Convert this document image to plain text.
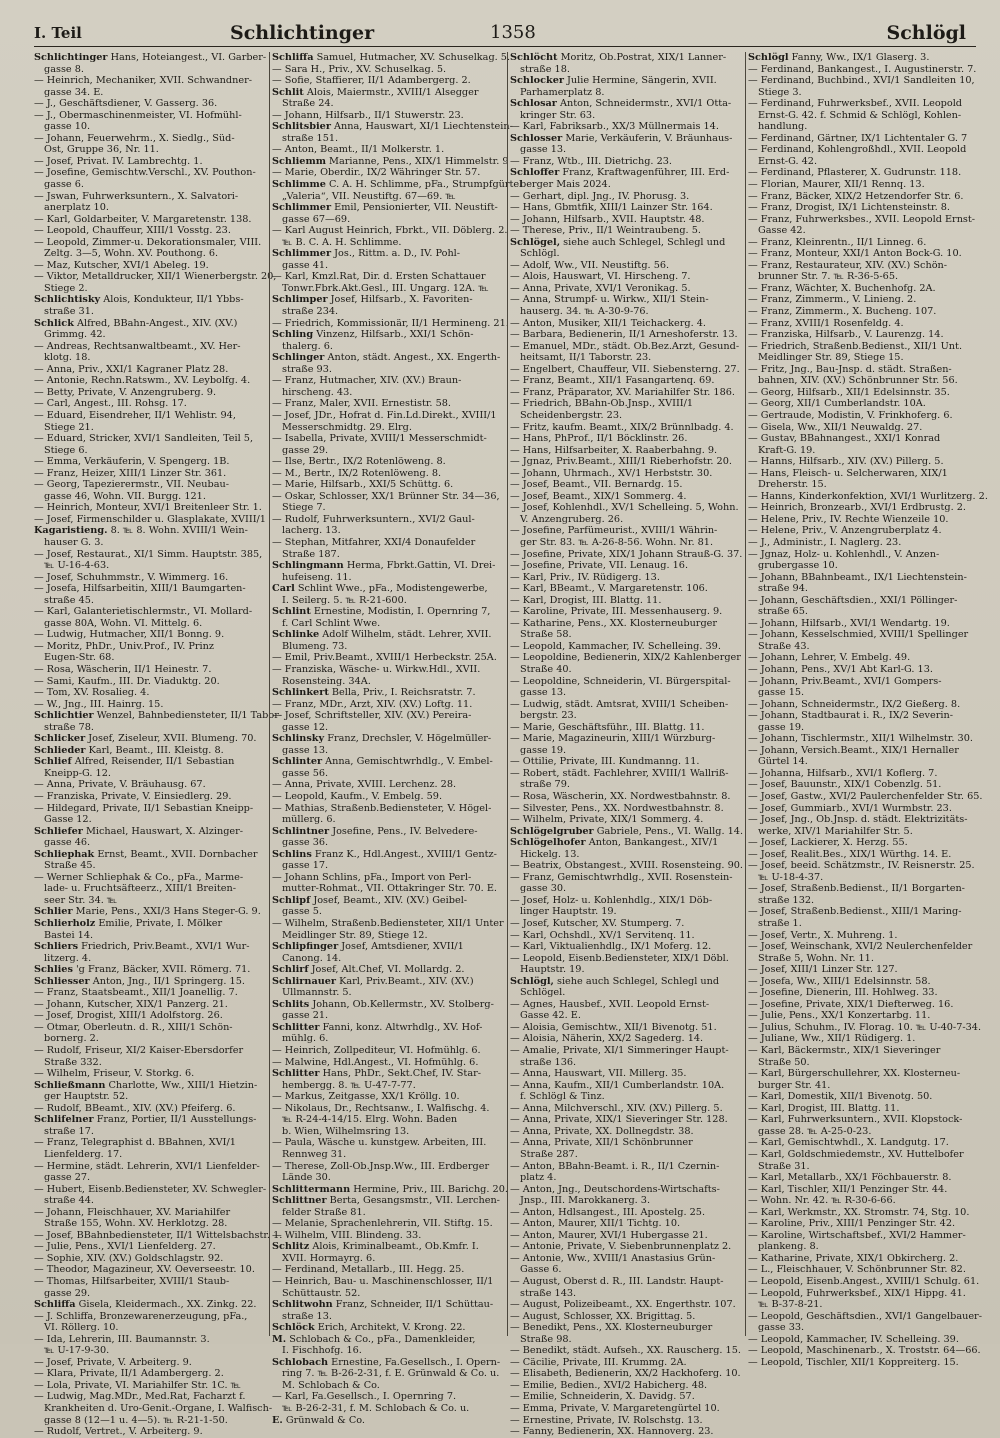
I. Teil	Schlichtinger	1358	Schlögl
Schlichtinger Hans, Hoteiangest., VI. Garber-
gasse 8.
— Heinrich, Mechaniker, XVII. Schwandner-
gasse 34. E.
— J., Geschäftsdiener, V. Gasserg. 36.
— J., Obermaschinenmeister, VI. Hofmühl-
gasse 10.
— Johann, Feuerwehrm., X. Siedlg., Süd-
Ost, Gruppe 36, Nr. 11.
— Josef, Privat. IV. Lambrechtg. 1.
— Josefine, Gemischtw.Verschl., XV. Pouthon-
gasse 6.
— Jswan, Fuhrwerksuntern., X. Salvatori-
anerplatz 10.
— Karl, Goldarbeiter, V. Margaretenstr. 138.
— Leopold, Chauffeur, XIII/1 Vosstg. 23.
— Leopold, Zimmer-u. Dekorationsmaler, VIII.
Zeltg. 3—5, Wohn. XV. Pouthong. 6.
— Maz, Kutscher, XVI/1 Abeleg. 19.
— Viktor, Metalldrucker, XII/1 Wienerbergstr. 20,
Stiege 2.
Schlichtisky Alois, Kondukteur, II/1 Ybbs-
straße 31.
Schlick Alfred, BBahn-Angest., XIV. (XV.)
Grimmg. 42.
— Andreas, Rechtsanwaltbeamt., XV. Her-
klotg. 18.
— Anna, Priv., XXI/1 Kagraner Platz 28.
— Antonie, Rechn.Ratswm., XV. Leybolfg. 4.
— Betty, Private, V. Anzengruberg. 9.
— Carl, Angest., III. Rohsg. 17.
— Eduard, Eisendreher, II/1 Wehlistr. 94,
Stiege 21.
— Eduard, Stricker, XVI/1 Sandleiten, Teil 5,
Stiege 6.
— Emma, Verkäuferin, V. Spengerg. 1B.
— Franz, Heizer, XIII/1 Linzer Str. 361.
— Georg, Tapezierermstr., VII. Neubau-
gasse 46, Wohn. VII. Burgg. 121.
— Heinrich, Monteur, XVI/1 Breitenleer Str. 1.
— Josef, Firmenschilder u. Glasplakate, XVIII/1
Kagaristieng. 8. ℡ 8. Wohn. XVIII/1 Wein-
hauser G. 3.
— Josef, Restaurat., XI/1 Simm. Hauptstr. 385,
℡ U-16-4-63.
— Josef, Schuhmmstr., V. Wimmerg. 16.
— Josefa, Hilfsarbeitin, XIII/1 Baumgarten-
straße 45.
— Karl, Galanterietischlermstr., VI. Mollard-
gasse 80A, Wohn. VI. Mittelg. 6.
— Ludwig, Hutmacher, XII/1 Bonng. 9.
— Moritz, PhDr., Univ.Prof., IV. Prinz
Eugen-Str. 68.
— Rosa, Wäscherin, II/1 Heinestr. 7.
— Sami, Kaufm., III. Dr. Viaduktg. 20.
— Tom, XV. Rosalieg. 4.
— W., Jng., III. Hainrg. 15.
Schlichtier Wenzel, Bahnbediensteter, II/1 Tabor-
straße 78.
Schlicker Josef, Ziseleur, XVII. Blumeng. 70.
Schlieder Karl, Beamt., III. Kleistg. 8.
Schlief Alfred, Reisender, II/1 Sebastian
Kneipp-G. 12.
— Anna, Private, V. Bräuhausg. 67.
— Franziska, Private, V. Einsiedlerg. 29.
— Hildegard, Private, II/1 Sebastian Kneipp-
Gasse 12.
Schliefer Michael, Hauswart, X. Alzinger-
gasse 46.
Schliephak Ernst, Beamt., XVII. Dornbacher
Straße 45.
— Werner Schliephak & Co., pFa., Marme-
lade- u. Fruchtsäfteerz., XIII/1 Breiten-
seer Str. 34. ℡
Schlier Marie, Pens., XXI/3 Hans Steger-G. 9.
Schlierholz Emilie, Private, I. Mölker
Bastei 14.
Schliers Friedrich, Priv.Beamt., XVI/1 Wur-
litzerg. 4.
Schlies 'g Franz, Bäcker, XVII. Römerg. 71.
Schliesser Anton, Jng., II/1 Springerg. 15.
— Franz, Staatsbeamt., XII/1 Joanellig. 7.
— Johann, Kutscher, XIX/1 Panzerg. 21.
— Josef, Drogist, XIII/1 Adolfstorg. 26.
— Otmar, Oberleutn. d. R., XIII/1 Schön-
bornerg. 2.
— Rudolf, Friseur, XI/2 Kaiser-Ebersdorfer
Straße 332.
— Wilhelm, Friseur, V. Storkg. 6.
Schließmann Charlotte, Ww., XIII/1 Hietzin-
ger Hauptstr. 52.
— Rudolf, BBeamt., XIV. (XV.) Pfeiferg. 6.
Schlifelner Franz, Portier, II/1 Ausstellungs-
straße 17.
— Franz, Telegraphist d. BBahnen, XVI/1
Lienfelderg. 17.
— Hermine, städt. Lehrerin, XVI/1 Lienfelder-
gasse 27.
— Hubert, Eisenb.Bediensteter, XV. Schwegler-
straße 44.
— Johann, Fleischhauer, XV. Mariahilfer
Straße 155, Wohn. XV. Herklotzg. 28.
— Josef, BBahnbediensteter, II/1 Wittelsbachstr. 1.
— Julie, Pens., XVI/1 Lienfelderg. 27.
— Sophie, XIV. (XV.) Goldschlagstr. 92.
— Theodor, Magazineur, XV. Oeverseestr. 10.
— Thomas, Hilfsarbeiter, XVIII/1 Staub-
gasse 29.
Schliffa Gisela, Kleidermach., XX. Zinkg. 22.
— J. Schliffa, Bronzewarenerzeugung, pFa.,
VI. Röllerg. 10.
— Ida, Lehrerin, III. Baumannstr. 3.
℡ U-17-9-30.
— Josef, Private, V. Arbeiterg. 9.
— Klara, Private, II/1 Adambergerg. 2.
— Lola, Private, VI. Mariahilfer Str. 1C. ℡
— Ludwig, Mag.MDr., Med.Rat, Facharzt f.
Krankheiten d. Uro-Genit.-Organe, I. Walfisch-
gasse 8 (12—1 u. 4—5). ℡ R-21-1-50.
— Rudolf, Vertret., V. Arbeiterg. 9.
Schliffa Samuel, Hutmacher, XV. Schuselkag. 5.
— Sara H., Priv., XV. Schuselkag. 5.
— Sofie, Staffierer, II/1 Adambergerg. 2.
Schlit Alois, Maiermstr., XVIII/1 Alsegger
Straße 24.
— Johann, Hilfsarb., II/1 Stuwerstr. 23.
Schlitsbier Anna, Hauswart, XI/1 Liechtenstein-
straße 151.
— Anton, Beamt., II/1 Molkerstr. 1.
Schliemm Marianne, Pens., XIX/1 Himmelstr. 9
— Marie, Oberdir., IX/2 Währinger Str. 57.
Schlimme C. A. H. Schlimme, pFa., Strumpfgürtel
„Valeria“, VII. Neustiftg. 67—69. ℡
Schlimmer Emil, Pensionierter, VII. Neustift-
gasse 67—69.
— Karl August Heinrich, Fbrkt., VII. Döblerg. 2.
℡ B. C. A. H. Schlimme.
Schlimmer Jos., Rittm. a. D., IV. Pohl-
gasse 41.
— Karl, Kmzl.Rat, Dir. d. Ersten Schattauer
Tonwr.Fbrk.Akt.Gesl., III. Ungarg. 12A. ℡
Schlimper Josef, Hilfsarb., X. Favoriten-
straße 234.
— Friedrich, Kommissionär, II/1 Hermineng. 21.
Schling Vinzenz, Hilfsarb., XXI/1 Schön-
thalerg. 6.
Schlinger Anton, städt. Angest., XX. Engerth-
straße 93.
— Franz, Hutmacher, XIV. (XV.) Braun-
hirscheng. 43.
— Franz, Maler, XVII. Ernestistr. 58.
— Josef, JDr., Hofrat d. Fin.Ld.Direkt., XVIII/1
Messerschmidtg. 29. Elrg.
— Isabella, Private, XVIII/1 Messerschmidt-
gasse 29.
— Ilse, Bertr., IX/2 Rotenlöweng. 8.
— M., Bertr., IX/2 Rotenlöweng. 8.
— Marie, Hilfsarb., XXI/5 Schüttg. 6.
— Oskar, Schlosser, XX/1 Brünner Str. 34—36,
Stiege 7.
— Rudolf, Fuhrwerksuntern., XVI/2 Gaul-
lacherg. 13.
— Stephan, Mitfahrer, XXI/4 Donaufelder
Straße 187.
Schlingmann Herma, Fbrkt.Gattin, VI. Drei-
hufeiseng. 11.
Carl Schlint Wwe., pFa., Modistengewerbe,
I. Seilerg. 5. ℡ R-21-600.
Schlint Ernestine, Modistin, I. Opernring 7,
f. Carl Schlint Wwe.
Schlinke Adolf Wilhelm, städt. Lehrer, XVII.
Blumeng. 73.
— Emil, Priv.Beamt., XVIII/1 Herbeckstr. 25A.
— Franziska, Wäsche- u. Wirkw.Hdl., XVII.
Rosensteing. 34A.
Schlinkert Bella, Priv., I. Reichsratstr. 7.
— Franz, MDr., Arzt, XIV. (XV.) Loftg. 11.
— Josef, Schriftsteller, XIV. (XV.) Pereira-
gasse 12.
Schlinsky Franz, Drechsler, V. Högelmüller-
gasse 13.
Schlinter Anna, Gemischtwrhdlg., V. Embel-
gasse 56.
— Anna, Private, XVIII. Lerchenz. 28.
— Leopold, Kaufm., V. Embelg. 59.
— Mathias, Straßenb.Bediensteter, V. Högel-
müllerg. 6.
Schlintner Josefine, Pens., IV. Belvedere-
gasse 36.
Schlins Franz K., Hdl.Angest., XVIII/1 Gentz-
gasse 17.
— Johann Schlins, pFa., Import von Perl-
mutter-Rohmat., VII. Ottakringer Str. 70. E.
Schlipf Josef, Beamt., XIV. (XV.) Geibel-
gasse 5.
— Wilhelm, Straßenb.Bediensteter, XII/1 Unter
Meidlinger Str. 89, Stiege 12.
Schlipfinger Josef, Amtsdiener, XVII/1
Canong. 14.
Schlirf Josef, Alt.Chef, VI. Mollardg. 2.
Schlirnauer Karl, Priv.Beamt., XIV. (XV.)
Ullmannstr. 5.
Schlits Johann, Ob.Kellermstr., XV. Stolberg-
gasse 21.
Schlitter Fanni, konz. Altwrhdlg., XV. Hof-
mühlg. 6.
— Heinrich, Zollpediteur, VI. Hofmühlg. 6.
— Malwine, Hdl.Angest., VI. Hofmühlg. 6.
Schlitter Hans, PhDr., Sekt.Chef, IV. Star-
hembergg. 8. ℡ U-47-7-77.
— Markus, Zeitgasse, XX/1 Kröllg. 10.
— Nikolaus, Dr., Rechtsanw., I. Walfischg. 4.
℡ R-24-4-14/15. Elrg. Wohn. Baden
b. Wien, Wilhelmsring 13.
— Paula, Wäsche u. kunstgew. Arbeiten, III.
Rennweg 31.
— Therese, Zoll-Ob.Jnsp.Ww., III. Erdberger
Lände 30.
Schlittermann Hermine, Priv., III. Barichg. 20.
Schlittner Berta, Gesangsmstr., VII. Lerchen-
felder Straße 81.
— Melanie, Sprachenlehrerin, VII. Stiftg. 15.
— Wilhelm, VIII. Blindeng. 33.
Schlitz Alois, Kriminalbeamt., Ob.Kmfr. I.
XVII. Hormayrg. 6.
— Ferdinand, Metallarb., III. Hegg. 25.
— Heinrich, Bau- u. Maschinenschlosser, II/1
Schüttaustr. 52.
Schlitwohn Franz, Schneider, II/1 Schüttau-
straße 13.
Schlöck Erich, Architekt, V. Krong. 22.
M. Schlobach & Co., pFa., Damenkleider,
I. Fischhofg. 16.
Schlobach Ernestine, Fa.Gesellsch., I. Opern-
ring 7. ℡ B-26-2-31, f. E. Grünwald & Co. u.
M. Schlobach & Co.
— Karl, Fa.Gesellsch., I. Opernring 7.
℡ B-26-2-31, f. M. Schlobach & Co. u.
E. Grünwald & Co.
Schlöcht Moritz, Ob.Postrat, XIX/1 Lanner-
straße 18.
Schlocker Julie Hermine, Sängerin, XVII.
Parhamerplatz 8.
Schlosar Anton, Schneidermstr., XVI/1 Otta-
kringer Str. 63.
— Karl, Fabriksarb., XX/3 Müllnermais 14.
Schlosser Marie, Verkäuferin, V. Bräunhaus-
gasse 13.
— Franz, Wtb., III. Dietrichg. 23.
Schloffer Franz, Kraftwagenführer, III. Erd-
berger Mais 2024.
— Gerhart, dipl. Jng., IV. Phorusg. 3.
— Hans, Gbmtfik, XIII/1 Lainzer Str. 164.
— Johann, Hilfsarb., XVII. Hauptstr. 48.
— Therese, Priv., II/1 Weintraubeng. 5.
Schlögel, siehe auch Schlegel, Schlegl und
Schlögl.
— Adolf, Ww., VII. Neustiftg. 56.
— Alois, Hauswart, VI. Hirscheng. 7.
— Anna, Private, XVI/1 Veronikag. 5.
— Anna, Strumpf- u. Wirkw., XII/1 Stein-
hauserg. 34. ℡ A-30-9-76.
— Anton, Musiker, XII/1 Teichackerg. 4.
— Barbara, Bedienerin, II/1 Arneshoferstr. 13.
— Emanuel, MDr., städt. Ob.Bez.Arzt, Gesund-
heitsamt, II/1 Taborstr. 23.
— Engelbert, Chauffeur, VII. Siebensterng. 27.
— Franz, Beamt., XII/1 Fasangartenq. 69.
— Franz, Präparator, XV. Mariahilfer Str. 186.
— Friedrich, BBahn-Ob.Jnsp., XVIII/1
Scheidenbergstr. 23.
— Fritz, kaufm. Beamt., XIX/2 Brünnlbadg. 4.
— Hans, PhProf., II/1 Böcklinstr. 26.
— Hans, Hilfsarbeiter, X. Raaberbahng. 9.
— Jgnaz, Priv.Beamt., XIII/1 Rieberhofstr. 20.
— Johann, Uhrmach., XV/1 Herbststr. 30.
— Josef, Beamt., VII. Bernardg. 15.
— Josef, Beamt., XIX/1 Sommerg. 4.
— Josef, Kohlenhdl., XV/1 Schelleing. 5, Wohn.
V. Anzengruberg. 26.
— Josefine, Parfümeurist., XVIII/1 Währin-
ger Str. 83. ℡ A-26-8-56. Wohn. Nr. 81.
— Josefine, Private, XIX/1 Johann Strauß-G. 37.
— Josefine, Private, VII. Lenaug. 16.
— Karl, Priv., IV. Rüdigerg. 13.
— Karl, BBeamt., V. Margaretenstr. 106.
— Karl, Drogist, III. Blattg. 11.
— Karoline, Private, III. Messenhauserg. 9.
— Katharine, Pens., XX. Klosterneuburger
Straße 58.
— Leopold, Kammacher, IV. Schelleing. 39.
— Leopoldine, Bedienerin, XIX/2 Kahlenberger
Straße 40.
— Leopoldine, Schneiderin, VI. Bürgerspital-
gasse 13.
— Ludwig, städt. Amtsrat, XVIII/1 Scheiben-
bergstr. 23.
— Marie, Geschäftsführ., III. Blattg. 11.
— Marie, Magazineurin, XIII/1 Würzburg-
gasse 19.
— Ottilie, Private, III. Kundmanng. 11.
— Robert, städt. Fachlehrer, XVIII/1 Wallriß-
straße 79.
— Rosa, Wäscherin, XX. Nordwestbahnstr. 8.
— Silvester, Pens., XX. Nordwestbahnstr. 8.
— Wilhelm, Private, XIX/1 Sommerg. 4.
Schlögelgruber Gabriele, Pens., VI. Wallg. 14.
Schlögelhofer Anton, Bankangest., XIV/1
Hickelg. 13.
— Beatrix, Obstangest., XVIII. Rosensteing. 90.
— Franz, Gemischtwrhdlg., XVII. Rosenstein-
gasse 30.
— Josef, Holz- u. Kohlenhdlg., XIX/1 Döb-
linger Hauptstr. 19.
— Josef, Kutscher, XV. Stumperg. 7.
— Karl, Ochshdl., XV/1 Servitenq. 11.
— Karl, Viktualienhdlg., IX/1 Moferg. 12.
— Leopold, Eisenb.Bediensteter, XIX/1 Döbl.
Hauptstr. 19.
Schlögl, siehe auch Schlegel, Schlegl und
Schlögel.
— Agnes, Hausbef., XVII. Leopold Ernst-
Gasse 42. E.
— Aloisia, Gemischtw., XII/1 Bivenotg. 51.
— Aloisia, Näherin, XX/2 Sagederg. 14.
— Amalie, Private, XI/1 Simmeringer Haupt-
straße 136.
— Anna, Hauswart, VII. Millerg. 35.
— Anna, Kaufm., XII/1 Cumberlandstr. 10A.
f. Schlögl & Tinz.
— Anna, Milchverschl., XIV. (XV.) Pillerg. 5.
— Anna, Private, XIX/1 Sieveringer Str. 128.
— Anna, Private, XX. Dollnegdstr. 38.
— Anna, Private, XII/1 Schönbrunner
Straße 287.
— Anton, BBahn-Beamt. i. R., II/1 Czernin-
platz 4.
— Anton, Jng., Deutschordens-Wirtschafts-
Jnsp., III. Marokkanerg. 3.
— Anton, Hdlsangest., III. Apostelg. 25.
— Anton, Maurer, XII/1 Tichtg. 10.
— Anton, Maurer, XVI/1 Hubergasse 21.
— Antonie, Private, V. Siebenbrunnenplatz 2.
— Antonie, Ww., XVIII/1 Anastasius Grün-
Gasse 6.
— August, Oberst d. R., III. Landstr. Haupt-
straße 143.
— August, Polizeibeamt., XX. Engerthstr. 107.
— August, Schlosser, XX. Brigittag. 5.
— Benedikt, Pens., XX. Klosterneuburger
Straße 98.
— Benedikt, städt. Aufseh., XX. Rauscherg. 15.
— Cäcilie, Private, III. Krummg. 2A.
— Elisabeth, Bedienerin, XX/2 Hackhoferg. 10.
— Emilie, Bedien., XVI/2 Habicherg. 48.
— Emilie, Schneiderin, X. Davidg. 57.
— Emma, Private, V. Margaretengürtel 10.
— Ernestine, Private, IV. Rolschstg. 13.
— Fanny, Bedienerin, XX. Hannoverg. 23.
Schlögl Fanny, Ww., IX/1 Glaserg. 3.
— Ferdinand, Bankangest., I. Augustinerstr. 7.
— Ferdinand, Buchbind., XVI/1 Sandleiten 10,
Stiege 3.
— Ferdinand, Fuhrwerksbef., XVII. Leopold
Ernst-G. 42. f. Schmid & Schlögl, Kohlen-
handlung.
— Ferdinand, Gärtner, IX/1 Lichtentaler G. 7
— Ferdinand, Kohlengroßhdl., XVII. Leopold
Ernst-G. 42.
— Ferdinand, Pflasterer, X. Gudrunstr. 118.
— Florian, Maurer, XII/1 Rennq. 13.
— Franz, Bäcker, XIX/2 Hetzendorfer Str. 6.
— Franz, Drogist, IX/1 Lichtensteinstr. 8.
— Franz, Fuhrwerksbes., XVII. Leopold Ernst-
Gasse 42.
— Franz, Kleinrentn., II/1 Linneg. 6.
— Franz, Monteur, XXI/1 Anton Bock-G. 10.
— Franz, Restaurateur, XIV. (XV.) Schön-
brunner Str. 7. ℡ R-36-5-65.
— Franz, Wächter, X. Buchenhofg. 2A.
— Franz, Zimmerm., V. Linieng. 2.
— Franz, Zimmerm., X. Bucheng. 107.
— Franz, XVIII/1 Rosenfeldg. 4.
— Franziska, Hilfsarb., V. Laurenzg. 14.
— Friedrich, Straßenb.Bedienst., XII/1 Unt.
Meidlinger Str. 89, Stiege 15.
— Fritz, Jng., Bau-Jnsp. d. städt. Straßen-
bahnen, XIV. (XV.) Schönbrunner Str. 56.
— Georg, Hilfsarb., XII/1 Edelsinnstr. 35.
— Georg, XII/1 Cumberlandstr. 10A.
— Gertraude, Modistin, V. Frinkhoferg. 6.
— Gisela, Ww., XII/1 Neuwaldg. 27.
— Gustav, BBahnangest., XXI/1 Konrad
Kraft-G. 19.
— Hanns, Hilfsarb., XIV. (XV.) Pillerg. 5.
— Hans, Fleisch- u. Selcherwaren, XIX/1
Dreherstr. 15.
— Hanns, Kinderkonfektion, XVI/1 Wurlitzerg. 2.
— Heinrich, Bronzearb., XVI/1 Erdbrustg. 2.
— Helene, Priv., IV. Rechte Wienzeile 10.
— Helene, Priv., V. Anzengruberplatz 4.
— J., Administr., I. Naglerg. 23.
— Jgnaz, Holz- u. Kohlenhdl., V. Anzen-
grubergasse 10.
— Johann, BBahnbeamt., IX/1 Liechtenstein-
straße 94.
— Johann, Geschäftsdien., XXI/1 Pöllinger-
straße 65.
— Johann, Hilfsarb., XVI/1 Wendartg. 19.
— Johann, Kesselschmied, XVIII/1 Spellinger
Straße 43.
— Johann, Lehrer, V. Embelg. 49.
— Johann, Pens., XV/1 Abt Karl-G. 13.
— Johann, Priv.Beamt., XVI/1 Gompers-
gasse 15.
— Johann, Schneidermstr., IX/2 Gießerg. 8.
— Johann, Stadtbaurat i. R., IX/2 Severin-
gasse 19.
— Johann, Tischlermstr., XII/1 Wilhelmstr. 30.
— Johann, Versich.Beamt., XIX/1 Hernaller
Gürtel 14.
— Johanna, Hilfsarb., XVI/1 Koflerg. 7.
— Josef, Bauunstr., XIX/1 Cobenzlg. 51.
— Josef, Gastw., XVI/2 Paulerchenfelder Str. 65.
— Josef, Gummiarb., XVI/1 Wurmbstr. 23.
— Josef, Jng., Ob.Jnsp. d. städt. Elektrizitäts-
werke, XIV/1 Mariahilfer Str. 5.
— Josef, Lackierer, X. Herzg. 55.
— Josef, Realit.Bes., XIX/1 Würthg. 14. E.
— Josef, beeid. Schätzmstr., IV. Reisnerstr. 25.
℡ U-18-4-37.
— Josef, Straßenb.Bedienst., II/1 Borgarten-
straße 132.
— Josef, Straßenb.Bedienst., XIII/1 Maring-
straße 1.
— Josef, Vertr., X. Muhreng. 1.
— Josef, Weinschank, XVI/2 Neulerchenfelder
Straße 5, Wohn. Nr. 11.
— Josef, XIII/1 Linzer Str. 127.
— Josefa, Ww., XIII/1 Edelsinnstr. 58.
— Josefine, Dienerin, III. Hohlweg. 33.
— Josefine, Private, XIX/1 Diefterweg. 16.
— Julie, Pens., XX/1 Konzertarbg. 11.
— Julius, Schuhm., IV. Florag. 10. ℡ U-40-7-34.
— Juliane, Ww., XII/1 Rüdigerg. 1.
— Karl, Bäckermstr., XIX/1 Sieveringer
Straße 50.
— Karl, Bürgerschullehrer, XX. Klosterneu-
burger Str. 41.
— Karl, Domestik, XII/1 Bivenotg. 50.
— Karl, Drogist, III. Blattg. 11.
— Karl, Fuhrwerksuntern., XVII. Klopstock-
gasse 28. ℡ A-25-0-23.
— Karl, Gemischtwhdl., X. Landgutg. 17.
— Karl, Goldschmiedemstr., XV. Huttelbofer
Straße 31.
— Karl, Metallarb., XX/1 Föchbauerstr. 8.
— Karl, Tischler, XII/1 Penzinger Str. 44.
— Wohn. Nr. 42. ℡ R-30-6-66.
— Karl, Werkmstr., XX. Stromstr. 74, Stg. 10.
— Karoline, Priv., XIII/1 Penzinger Str. 42.
— Karoline, Wirtschaftsbef., XVI/2 Hammer-
plankeng. 8.
— Katharine, Private, XIX/1 Obkircherg. 2.
— L., Fleischhauer, V. Schönbrunner Str. 82.
— Leopold, Eisenb.Angest., XVIII/1 Schulg. 61.
— Leopold, Fuhrwerksbef., XIX/1 Hippg. 41.
℡ B-37-8-21.
— Leopold, Geschäftsdien., XVI/1 Gangelbauer-
gasse 33.
— Leopold, Kammacher, IV. Schelleing. 39.
— Leopold, Maschinenarb., X. Troststr. 64—66.
— Leopold, Tischler, XII/1 Koppreiterg. 15.
